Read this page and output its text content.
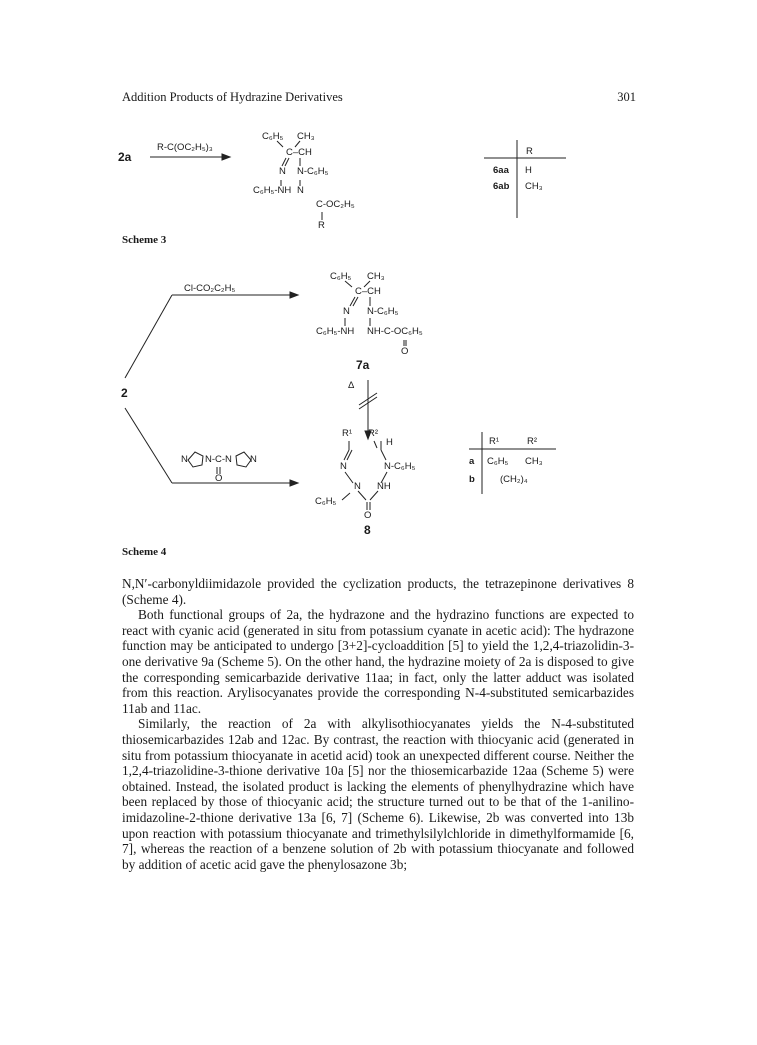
Addition Products of Hydrazine Derivatives	301
2a
R-C(OC₂H₅)₃
C₆H₅ CH₃
C–CH
N N-C₆H₅
C₆H₅-NH N
C-OC₂H₅
R
R
6aa H
6ab CH₃
Scheme 3
Cl-CO₂C₂H₅
2
C₆H₅ CH₃
C–CH
N N-C₆H₅
C₆H₅-NH NH-C-OC₆H₅
O
7a
Δ
N N-C-N N
O
R¹ R²
H
N	N-C₆H₅
N NH
C₆H₅
O
8
R¹	R²
a C₆H₅ CH₃
b	(CH₂)₄
Scheme 4

N,N′-carbonyldiimidazole provided the cyclization products, the tetrazepinone derivatives 8 (Scheme 4).

Both functional groups of 2a, the hydrazone and the hydrazino functions are expected to react with cyanic acid (generated in situ from potassium cyanate in acetic acid): The hydrazone function may be anticipated to undergo [3+2]-cycloaddition [5] to yield the 1,2,4-triazolidin-3-one derivative 9a (Scheme 5). On the other hand, the hydrazine moiety of 2a is disposed to give the corresponding semicarbazide derivative 11aa; in fact, only the latter adduct was isolated from this reaction. Arylisocyanates provide the corresponding N-4-substituted semicarbazides 11ab and 11ac.

Similarly, the reaction of 2a with alkylisothiocyanates yields the N-4-substituted thiosemicarbazides 12ab and 12ac. By contrast, the reaction with thiocyanic acid (generated in situ from potassium thiocyanate in acetid acid) took an unexpected different course. Neither the 1,2,4-triazolidine-3-thione derivative 10a [5] nor the thiosemicarbazide 12aa (Scheme 5) were obtained. Instead, the isolated product is lacking the elements of phenylhydrazine which have been replaced by those of thiocyanic acid; the structure turned out to be that of the 1-anilino-imidazoline-2-thione derivative 13a [6, 7] (Scheme 6). Likewise, 2b was converted into 13b upon reaction with potassium thiocyanate and trimethylsilylchloride in dimethylformamide [6, 7], whereas the reaction of a benzene solution of 2b with potassium thiocyanate and followed by addition of acetic acid gave the phenylosazone 3b;
